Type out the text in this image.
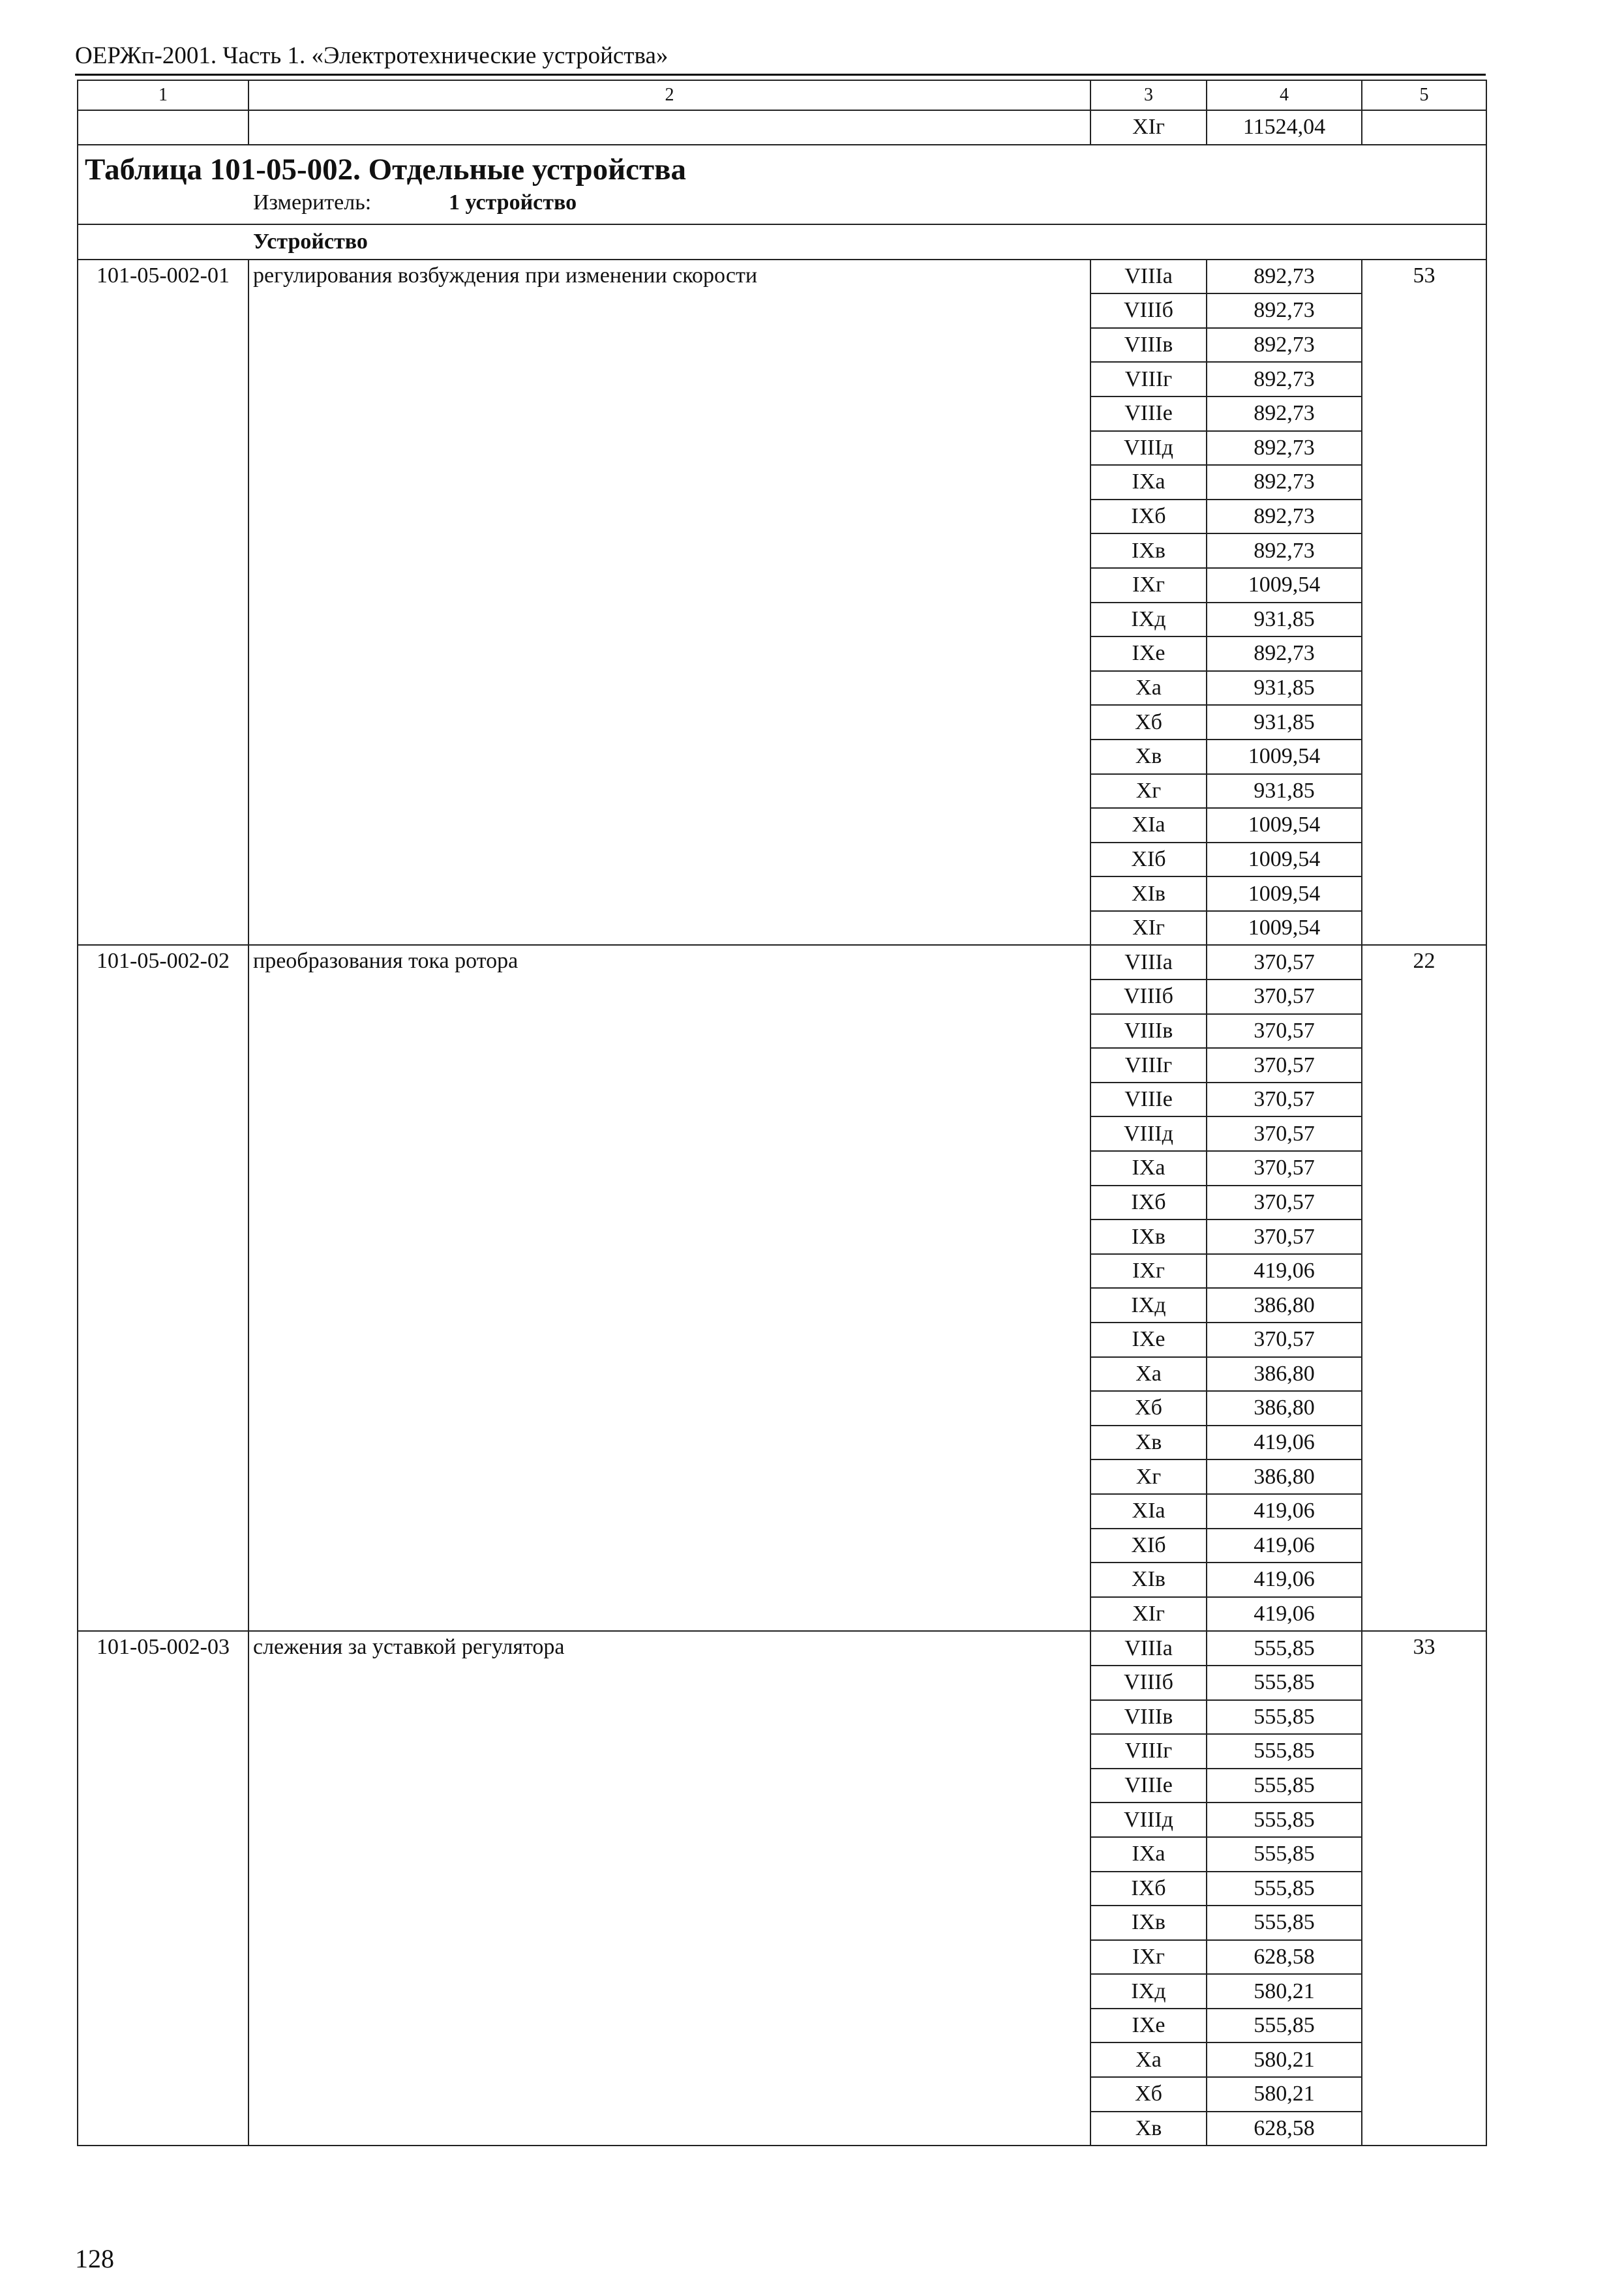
ОЕРЖп-2001. Часть 1. «Электротехнические устройства»
1	2	3	4	5
		XIг	11524,04	

Таблица 101-05-002. Отдельные устройства
Измеритель: 1 устройство				

Устройство				
101-05-002-01	регулирования возбуждения при изменении скорости	VIIIа	892,73	53
		VIIIб	892,73	
		VIIIв	892,73	
		VIIIг	892,73	
		VIIIе	892,73	
		VIIIд	892,73	
		IXа	892,73	
		IXб	892,73	
		IXв	892,73	
		IXг	1009,54	
		IXд	931,85	
		IXе	892,73	
		Xа	931,85	
		Xб	931,85	
		Xв	1009,54	
		Xг	931,85	
		XIа	1009,54	
		XIб	1009,54	
		XIв	1009,54	
		XIг	1009,54	
101-05-002-02	преобразования тока ротора	VIIIа	370,57	22
		VIIIб	370,57	
		VIIIв	370,57	
		VIIIг	370,57	
		VIIIе	370,57	
		VIIIд	370,57	
		IXа	370,57	
		IXб	370,57	
		IXв	370,57	
		IXг	419,06	
		IXд	386,80	
		IXе	370,57	
		Xа	386,80	
		Xб	386,80	
		Xв	419,06	
		Xг	386,80	
		XIа	419,06	
		XIб	419,06	
		XIв	419,06	
		XIг	419,06	
101-05-002-03	слежения за уставкой регулятора	VIIIа	555,85	33
		VIIIб	555,85	
		VIIIв	555,85	
		VIIIг	555,85	
		VIIIе	555,85	
		VIIIд	555,85	
		IXа	555,85	
		IXб	555,85	
		IXв	555,85	
		IXг	628,58	
		IXд	580,21	
		IXе	555,85	
		Xа	580,21	
		Xб	580,21	
		Xв	628,58	
128
